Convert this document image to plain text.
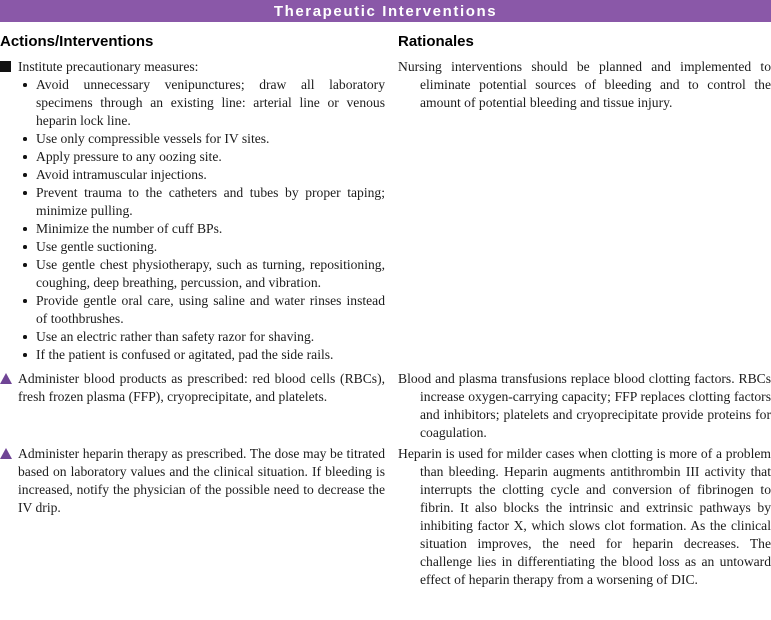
Therapeutic Interventions
Actions/Interventions	Rationales
Institute precautionary measures:
Avoid unnecessary venipunctures; draw all laboratory specimens through an existing line: arterial line or venous heparin lock line.
Use only compressible vessels for IV sites.
Apply pressure to any oozing site.
Avoid intramuscular injections.
Prevent trauma to the catheters and tubes by proper taping; minimize pulling.
Minimize the number of cuff BPs.
Use gentle suctioning.
Use gentle chest physiotherapy, such as turning, repositioning, coughing, deep breathing, percussion, and vibration.
Provide gentle oral care, using saline and water rinses instead of toothbrushes.
Use an electric rather than safety razor for shaving.
If the patient is confused or agitated, pad the side rails.

Nursing interventions should be planned and implemented to eliminate potential sources of bleeding and to control the amount of potential bleeding and tissue injury.

Administer blood products as prescribed: red blood cells (RBCs), fresh frozen plasma (FFP), cryoprecipitate, and platelets.

Blood and plasma transfusions replace blood clotting factors. RBCs increase oxygen-carrying capacity; FFP replaces clotting factors and inhibitors; platelets and cryoprecipitate provide proteins for coagulation.

Administer heparin therapy as prescribed. The dose may be titrated based on laboratory values and the clinical situation. If bleeding is increased, notify the physician of the possible need to decrease the IV drip.

Heparin is used for milder cases when clotting is more of a problem than bleeding. Heparin augments antithrombin III activity that interrupts the clotting cycle and conversion of fibrinogen to fibrin. It also blocks the intrinsic and extrinsic pathways by inhibiting factor X, which slows clot formation. As the clinical situation improves, the need for heparin decreases. The challenge lies in differentiating the blood loss as an untoward effect of heparin therapy from a worsening of DIC.
